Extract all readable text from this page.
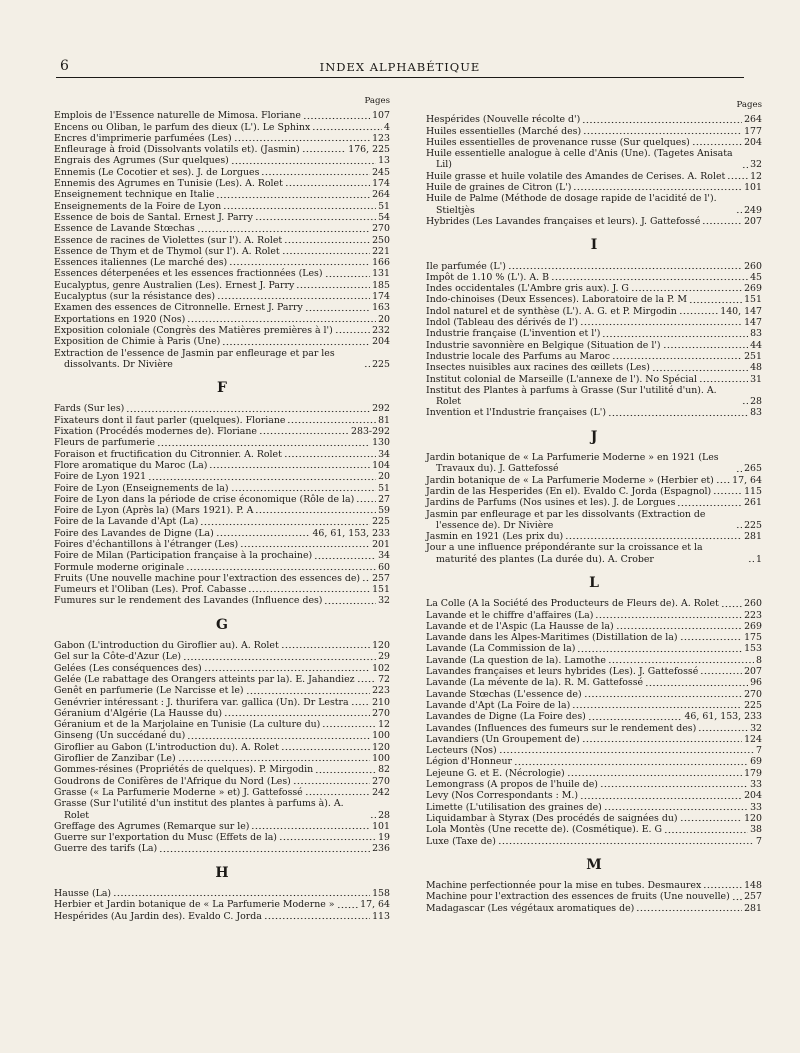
6	INDEX ALPHABÉTIQUE
Pages
Emplois de l'Essence naturelle de Mimosa. Floriane	107
Encens ou Oliban, le parfum des dieux (L'). Le Sphinx	4
Encres d'imprimerie parfumées (Les)	123
Enfleurage à froid (Dissolvants volatils et). (Jasmin)	176, 225
Engrais des Agrumes (Sur quelques)	13
Ennemis (Le Cocotier et ses). J. de Lorgues	245
Ennemis des Agrumes en Tunisie (Les). A. Rolet	174
Enseignement technique en Italie	264
Enseignements de la Foire de Lyon	51
Essence de bois de Santal. Ernest J. Parry	54
Essence de Lavande Stœchas	270
Essence de racines de Violettes (sur l'). A. Rolet	250
Essence de Thym et de Thymol (sur l'). A. Rolet	221
Essences italiennes (Le marché des)	166
Essences déterpenées et les essences fractionnées (Les)	131
Eucalyptus, genre Australien (Les). Ernest J. Parry	185
Eucalyptus (sur la résistance des)	174
Examen des essences de Citronnelle. Ernest J. Parry	163
Exportations en 1920 (Nos)	20
Exposition coloniale (Congrès des Matières premières à l')	232
Exposition de Chimie à Paris (Une)	204
Extraction de l'essence de Jasmin par enfleurage et par les dissolvants. Dr Nivière	225
F
Fards (Sur les)	292
Fixateurs dont il faut parler (quelques). Floriane	81
Fixation (Procédés modernes de). Floriane	283-292
Fleurs de parfumerie	130
Foraison et fructification du Citronnier. A. Rolet	34
Flore aromatique du Maroc (La)	104
Foire de Lyon 1921	20
Foire de Lyon (Enseignements de la)	51
Foire de Lyon dans la période de crise économique (Rôle de la)	27
Foire de Lyon (Après la) (Mars 1921). P. A	59
Foire de la Lavande d'Apt (La)	225
Foire des Lavandes de Digne (La)	46, 61, 153, 233
Foires d'échantillons à l'étranger (Les)	201
Foire de Milan (Participation française à la prochaine)	34
Formule moderne originale	60
Fruits (Une nouvelle machine pour l'extraction des essences de) 257
Fumeurs et l'Oliban (Les). Prof. Cabasse	151
Fumures sur le rendement des Lavandes (Influence des)	32
G
Gabon (L'introduction du Giroflier au). A. Rolet	120
Gel sur la Côte-d'Azur (Le)	29
Gelées (Les conséquences des)	102
Gelée (Le rabattage des Orangers atteints par la). E. Jahandiez 72
Genêt en parfumerie (Le Narcisse et le)	223
Genévrier intéressant : J. thurifera var. gallica (Un). Dr Lestra 210
Géranium d'Algérie (La Hausse du)	270
Géranium et de la Marjolaine en Tunisie (La culture du)	12
Ginseng (Un succédané du)	100
Giroflier au Gabon (L'introduction du). A. Rolet	120
Giroflier de Zanzibar (Le)	100
Gommes-résines (Propriétés de quelques). P. Mirgodin	82
Goudrons de Conifères de l'Afrique du Nord (Les)	270
Grasse (« La Parfumerie Moderne » et) J. Gattefossé	242
Grasse (Sur l'utilité d'un institut des plantes à parfums à). A. Rolet	28
Greffage des Agrumes (Remarque sur le)	101
Guerre sur l'exportation du Musc (Effets de la)	19
Guerre des tarifs (La)	236
H
Hausse (La)	158
Herbier et Jardin botanique de « La Parfumerie Moderne »	17, 64
Hespérides (Au Jardin des). Evaldo C. Jorda	113
Pages
Hespérides (Nouvelle récolte d')	264
Huiles essentielles (Marché des)	177
Huiles essentielles de provenance russe (Sur quelques)	204
Huile essentielle analogue à celle d'Anis (Une). (Tagetes Anisata Lil)	32
Huile grasse et huile volatile des Amandes de Cerises. A. Rolet	12
Huile de graines de Citron (L')	101
Huile de Palme (Méthode de dosage rapide de l'acidité de l'). Stieltjès	249
Hybrides (Les Lavandes françaises et leurs). J. Gattefossé	207
I
Ile parfumée (L')	260
Impôt de 1.10 % (L'). A. B	45
Indes occidentales (L'Ambre gris aux). J. G	269
Indo-chinoises (Deux Essences). Laboratoire de la P. M	151
Indol naturel et de synthèse (L'). A. G. et P. Mirgodin	140, 147
Indol (Tableau des dérivés de l')	147
Industrie française (L'invention et l')	83
Industrie savonnière en Belgique (Situation de l')	44
Industrie locale des Parfums au Maroc	251
Insectes nuisibles aux racines des œillets (Les)	48
Institut colonial de Marseille (L'annexe de l'). No Spécial	31
Institut des Plantes à parfums à Grasse (Sur l'utilité d'un). A. Rolet	28
Invention et l'Industrie françaises (L')	83
J
Jardin botanique de « La Parfumerie Moderne » en 1921 (Les Travaux du). J. Gattefossé	265
Jardin botanique de « La Parfumerie Moderne » (Herbier et) 17, 64
Jardin de las Hesperides (En el). Evaldo C. Jorda (Espagnol)	115
Jardins de Parfums (Nos usines et les). J. de Lorgues	261
Jasmin par enfleurage et par les dissolvants (Extraction de l'essence de). Dr Nivière	225
Jasmin en 1921 (Les prix du)	281
Jour a une influence prépondérante sur la croissance et la maturité des plantes (La durée du). A. Crober	1
L
La Colle (A la Société des Producteurs de Fleurs de). A. Rolet	260
Lavande et le chiffre d'affaires (La)	223
Lavande et de l'Aspic (La Hausse de la)	269
Lavande dans les Alpes-Maritimes (Distillation de la)	175
Lavande (La Commission de la)	153
Lavande (La question de la). Lamothe	8
Lavandes françaises et leurs hybrides (Les). J. Gattefossé	207
Lavande (La mévente de la). R. M. Gattefossé	96
Lavande Stœchas (L'essence de)	270
Lavande d'Apt (La Foire de la)	225
Lavandes de Digne (La Foire des)	46, 61, 153, 233
Lavandes (Influences des fumeurs sur le rendement des)	32
Lavandiers (Un Groupement de)	124
Lecteurs (Nos)	7
Légion d'Honneur	69
Lejeune G. et E. (Nécrologie)	179
Lemongrass (A propos de l'huile de)	33
Levy (Nos Correspondants : M.)	204
Limette (L'utilisation des graines de)	33
Liquidambar à Styrax (Des procédés de saignées du)	120
Lola Montès (Une recette de). (Cosmétique). E. G	38
Luxe (Taxe de)	7
M
Machine perfectionnée pour la mise en tubes. Desmaurex	148
Machine pour l'extraction des essences de fruits (Une nouvelle) 257
Madagascar (Les végétaux aromatiques de)	281
